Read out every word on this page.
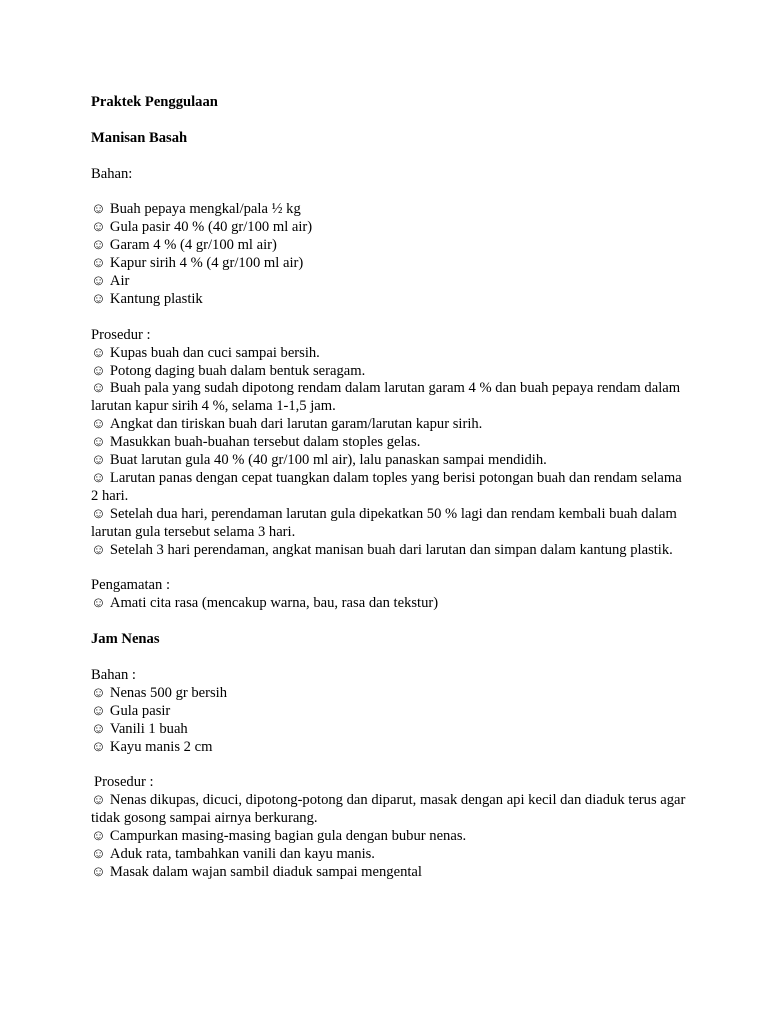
Praktek Penggulaan

Manisan Basah

Bahan:

☺ Buah pepaya mengkal/pala ½ kg

☺ Gula pasir 40 % (40 gr/100 ml air)

☺ Garam 4 % (4 gr/100 ml air)

☺ Kapur sirih 4 % (4 gr/100 ml air)

☺ Air

☺ Kantung plastik

Prosedur :

☺ Kupas buah dan cuci sampai bersih.

☺ Potong daging buah dalam bentuk seragam.

☺ Buah pala yang sudah dipotong rendam dalam larutan garam 4 % dan buah pepaya rendam dalam larutan kapur sirih 4 %, selama 1-1,5 jam.

☺ Angkat dan tiriskan buah dari larutan garam/larutan kapur sirih.

☺ Masukkan buah-buahan tersebut dalam stoples gelas.

☺ Buat larutan gula 40 % (40 gr/100 ml air), lalu panaskan sampai mendidih.

☺ Larutan panas dengan cepat tuangkan dalam toples yang berisi potongan buah dan rendam selama 2 hari.

☺ Setelah dua hari, perendaman larutan gula dipekatkan 50 % lagi dan rendam kembali buah dalam larutan gula tersebut selama 3 hari.

☺ Setelah 3 hari perendaman, angkat manisan buah dari larutan dan simpan dalam kantung plastik.

Pengamatan :

☺ Amati cita rasa (mencakup warna, bau, rasa dan tekstur)

Jam Nenas

Bahan :

☺ Nenas 500 gr bersih

☺ Gula pasir

☺ Vanili 1 buah

☺ Kayu manis 2 cm

Prosedur :

☺ Nenas dikupas, dicuci, dipotong-potong dan diparut, masak dengan api kecil dan diaduk terus agar tidak gosong sampai airnya berkurang.

☺ Campurkan masing-masing bagian gula dengan bubur nenas.

☺ Aduk rata, tambahkan vanili dan kayu manis.

☺ Masak dalam wajan sambil diaduk sampai mengental
